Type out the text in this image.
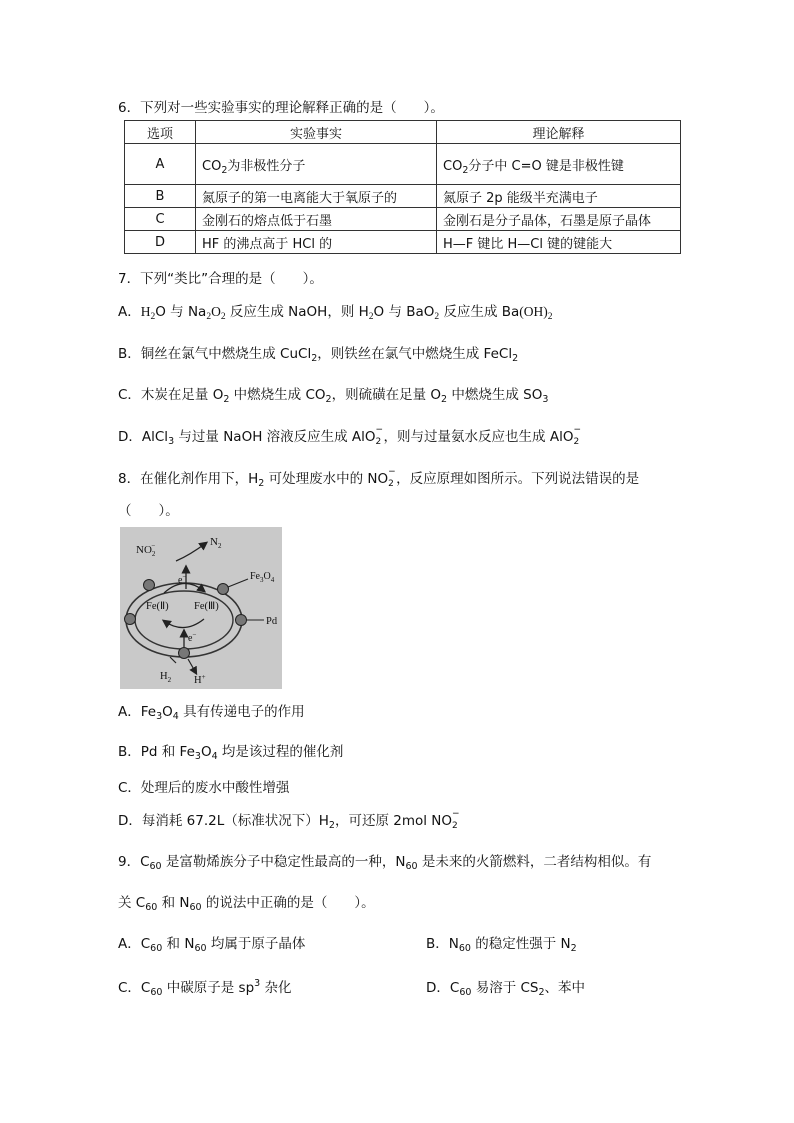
6．下列对一些实验事实的理论解释正确的是（　　）。
选项	实验事实	理论解释
A	$CO_2$为非极性分子	$CO_2$分子中 C=O 键是非极性键
B	氮原子的第一电离能大于氧原子的	氮原子 2p 能级半充满电子
C	金刚石的熔点低于石墨	金刚石是分子晶体，石墨是原子晶体
D	HF 的沸点高于 HCl 的	H—F 键比 H—Cl 键的键能大
7．下列“类比”合理的是（　　）。
A．$H_2O$ 与 $Na_2O_2$ 反应生成 NaOH，则 $H_2O$ 与 BaO$_2$ 反应生成 $Ba(OH)_2$
B．铜丝在氯气中燃烧生成 CuCl$_2$，则铁丝在氯气中燃烧生成 FeCl$_2$
C．木炭在足量 $O_2$ 中燃烧生成 $CO_2$，则硫磺在足量 $O_2$ 中燃烧生成 $SO_3$
D．AlCl$_3$ 与过量 NaOH 溶液反应生成 AlO −
2 ，则与过量氨水反应也生成 AlO −
2
8．在催化剂作用下，$H_2$ 可处理废水中的 NO −
2 ，反应原理如图所示。下列说法错误的是
（　　）。
$NO_2-$	$N_2$
$Fe_3O_4$
Fe(Ⅱ) Fe(Ⅲ)
Pd
e−
e−
$H_2$ H+
A．$Fe_3O_4$ 具有传递电子的作用
B．Pd 和 $Fe_3O_4$ 均是该过程的催化剂
C．处理后的废水中酸性增强
D．每消耗 67.2L（标准状况下）$H_2$，可还原 2mol NO −
2
9．$C_{60}$ 是富勒烯族分子中稳定性最高的一种，$N_{60}$ 是未来的火箭燃料，二者结构相似。有
关 $C_{60}$ 和 $N_{60}$ 的说法中正确的是（　　）。
A．$C_{60}$ 和 $N_{60}$ 均属于原子晶体	B．$N_{60}$ 的稳定性强于 $N_2$
C．$C_{60}$ 中碳原子是 $sp^3$ 杂化	D．$C_{60}$ 易溶于 $CS_2$、苯中
